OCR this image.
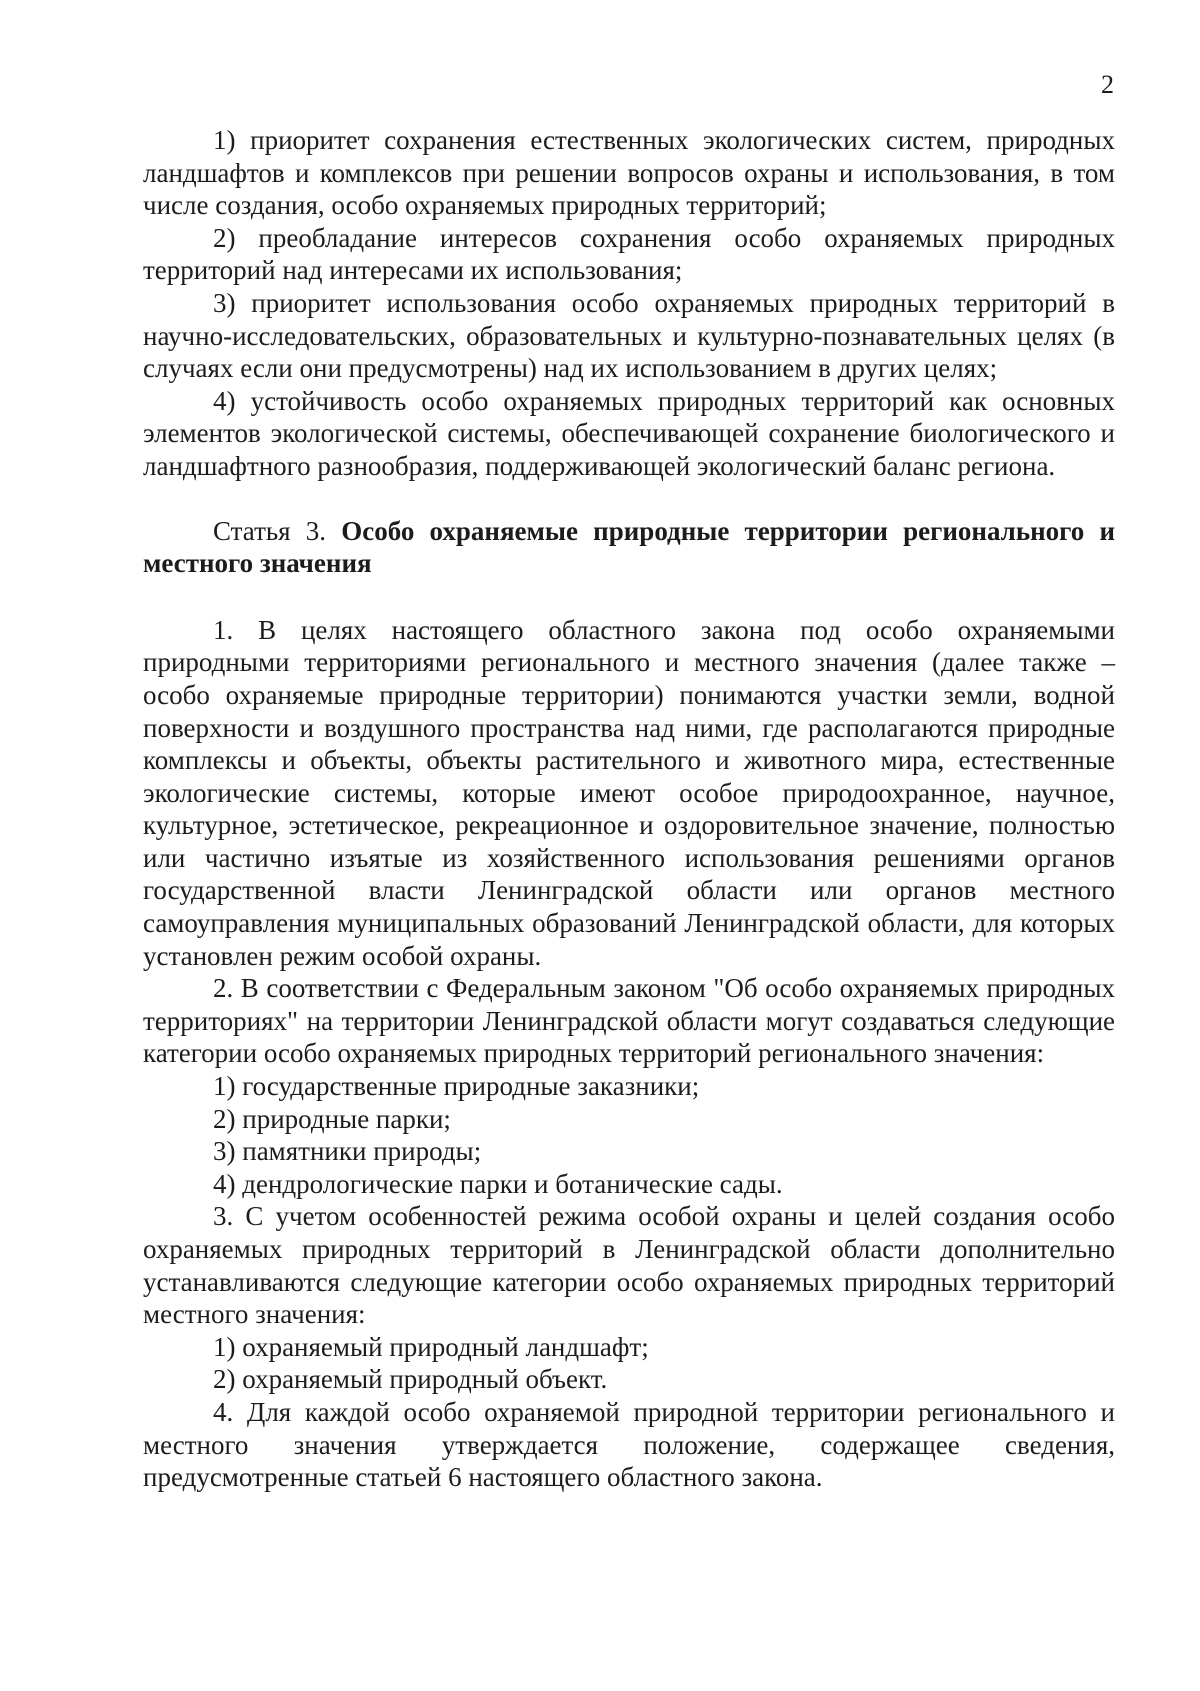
2

1) приоритет сохранения естественных экологических систем, природных ландшафтов и комплексов при решении вопросов охраны и использования, в том числе создания, особо охраняемых природных территорий;

2) преобладание интересов сохранения особо охраняемых природных территорий над интересами их использования;

3) приоритет использования особо охраняемых природных территорий в научно-исследовательских, образовательных и культурно-познавательных целях (в случаях если они предусмотрены) над их использованием в других целях;

4) устойчивость особо охраняемых природных территорий как основных элементов экологической системы, обеспечивающей сохранение биологического и ландшафтного разнообразия, поддерживающей экологический баланс региона.

Статья 3. Особо охраняемые природные территории регионального и местного значения

1. В целях настоящего областного закона под особо охраняемыми природными территориями регионального и местного значения (далее также – особо охраняемые природные территории) понимаются участки земли, водной поверхности и воздушного пространства над ними, где располагаются природные комплексы и объекты, объекты растительного и животного мира, естественные экологические системы, которые имеют особое природоохранное, научное, культурное, эстетическое, рекреационное и оздоровительное значение, полностью или частично изъятые из хозяйственного использования решениями органов государственной власти Ленинградской области или органов местного самоуправления муниципальных образований Ленинградской области, для которых установлен режим особой охраны.

2. В соответствии с Федеральным законом "Об особо охраняемых природных территориях" на территории Ленинградской области могут создаваться следующие категории особо охраняемых природных территорий регионального значения:

1) государственные природные заказники;

2) природные парки;

3) памятники природы;

4) дендрологические парки и ботанические сады.

3. С учетом особенностей режима особой охраны и целей создания особо охраняемых природных территорий в Ленинградской области дополнительно устанавливаются следующие категории особо охраняемых природных территорий местного значения:

1) охраняемый природный ландшафт;

2) охраняемый природный объект.

4. Для каждой особо охраняемой природной территории регионального и местного значения утверждается положение, содержащее сведения, предусмотренные статьей 6 настоящего областного закона.
